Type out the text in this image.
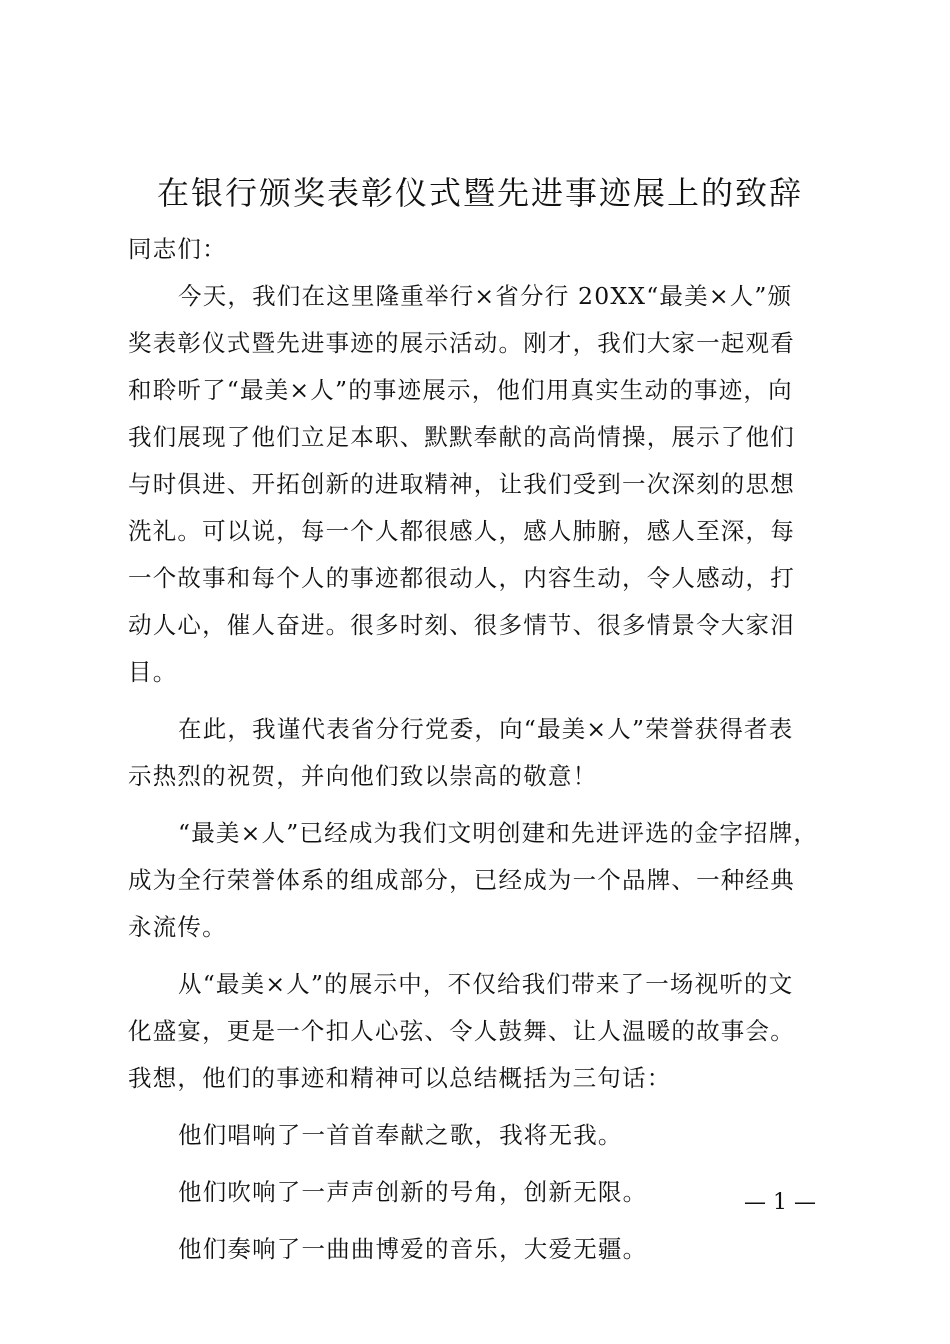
在银行颁奖表彰仪式暨先进事迹展上的致辞

同志们：

今天，我们在这里隆重举行×省分行 20XX“最美×人”颁

奖表彰仪式暨先进事迹的展示活动。刚才，我们大家一起观看

和聆听了“最美×人”的事迹展示，他们用真实生动的事迹，向

我们展现了他们立足本职、默默奉献的高尚情操，展示了他们

与时俱进、开拓创新的进取精神，让我们受到一次深刻的思想

洗礼。可以说，每一个人都很感人，感人肺腑，感人至深，每

一个故事和每个人的事迹都很动人，内容生动，令人感动，打

动人心，催人奋进。很多时刻、很多情节、很多情景令大家泪

目。

在此，我谨代表省分行党委，向“最美×人”荣誉获得者表

示热烈的祝贺，并向他们致以崇高的敬意！

“最美×人”已经成为我们文明创建和先进评选的金字招牌，

成为全行荣誉体系的组成部分，已经成为一个品牌、一种经典

永流传。

从“最美×人”的展示中，不仅给我们带来了一场视听的文

化盛宴，更是一个扣人心弦、令人鼓舞、让人温暖的故事会。

我想，他们的事迹和精神可以总结概括为三句话：

他们唱响了一首首奉献之歌，我将无我。

他们吹响了一声声创新的号角，创新无限。

他们奏响了一曲曲博爱的音乐，大爱无疆。

— 1 —
